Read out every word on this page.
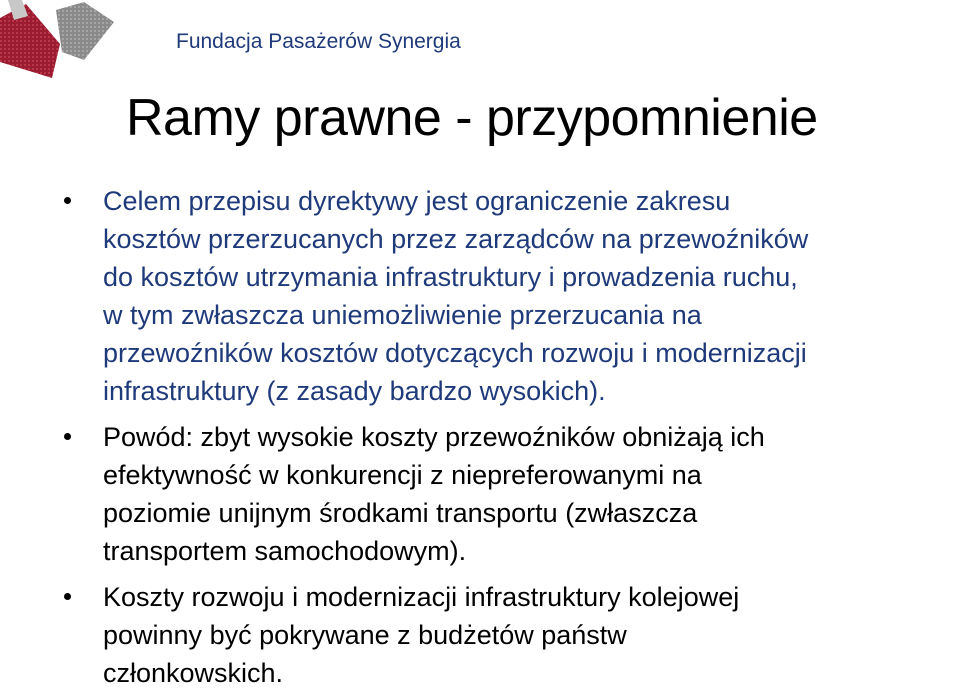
Fundacja Pasażerów Synergia
Ramy prawne - przypomnienie
Celem przepisu dyrektywy jest ograniczenie zakresu
kosztów przerzucanych przez zarządców na przewoźników
do kosztów utrzymania infrastruktury i prowadzenia ruchu,
w tym zwłaszcza uniemożliwienie przerzucania na
przewoźników kosztów dotyczących rozwoju i modernizacji
infrastruktury (z zasady bardzo wysokich).
Powód: zbyt wysokie koszty przewoźników obniżają ich
efektywność w konkurencji z niepreferowanymi na
poziomie unijnym środkami transportu (zwłaszcza
transportem samochodowym).
Koszty rozwoju i modernizacji infrastruktury kolejowej
powinny być pokrywane z budżetów państw
członkowskich.
